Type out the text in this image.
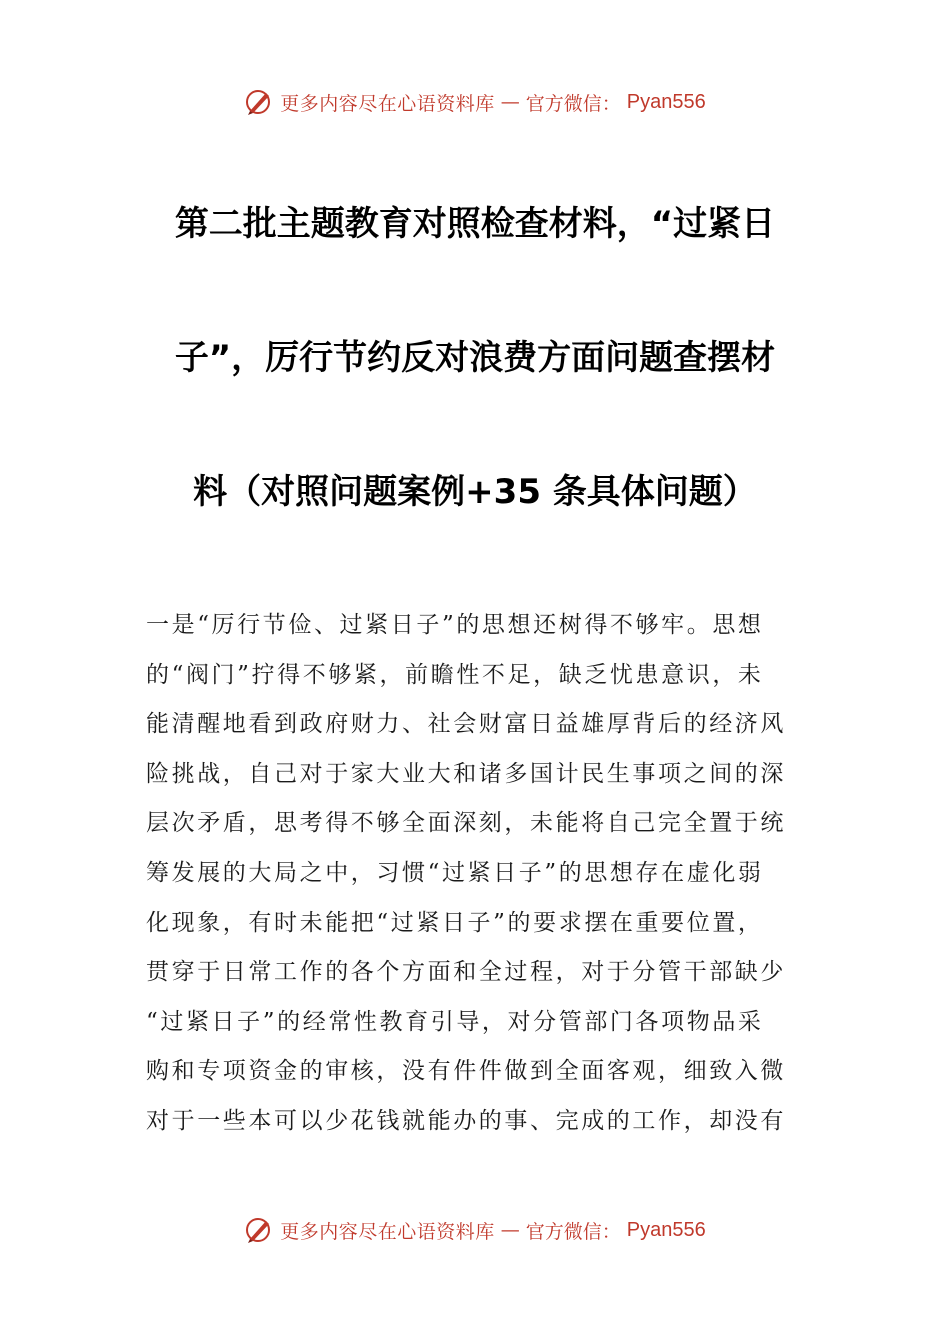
更多内容尽在心语资料库 — 官方微信： Pyan556
第二批主题教育对照检查材料，“过紧日
子”，厉行节约反对浪费方面问题查摆材
料（对照问题案例+35 条具体问题）
一是“厉行节俭、过紧日子”的思想还树得不够牢。思想
的“阀门”拧得不够紧，前瞻性不足，缺乏忧患意识，未
能清醒地看到政府财力、社会财富日益雄厚背后的经济风
险挑战，自己对于家大业大和诸多国计民生事项之间的深
层次矛盾，思考得不够全面深刻，未能将自己完全置于统
筹发展的大局之中，习惯“过紧日子”的思想存在虚化弱
化现象，有时未能把“过紧日子”的要求摆在重要位置，
贯穿于日常工作的各个方面和全过程，对于分管干部缺少
“过紧日子”的经常性教育引导，对分管部门各项物品采
购和专项资金的审核，没有件件做到全面客观，细致入微
对于一些本可以少花钱就能办的事、完成的工作，却没有
更多内容尽在心语资料库 — 官方微信： Pyan556
